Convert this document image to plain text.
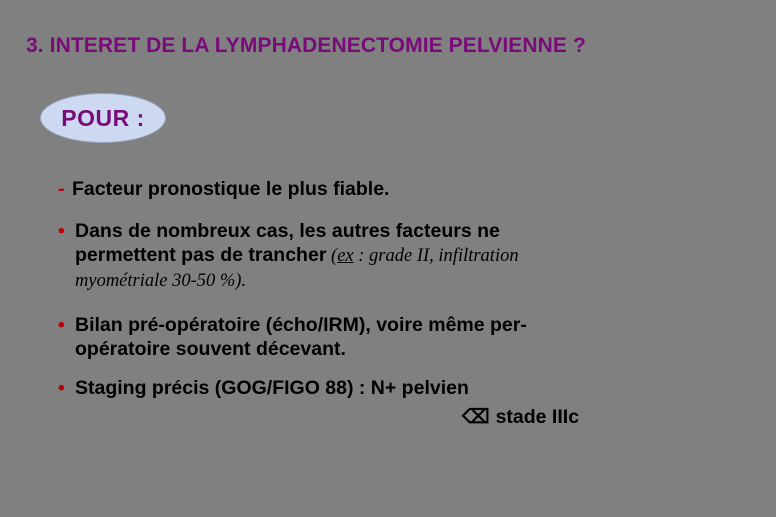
3. INTERET DE LA LYMPHADENECTOMIE PELVIENNE ?
POUR :
- Facteur pronostique le plus fiable.
• Dans de nombreux cas, les autres facteurs ne
permettent pas de trancher (ex : grade II, infiltration
myométriale 30-50 %).
• Bilan pré-opératoire (écho/IRM), voire même per-
opératoire souvent décevant.
• Staging précis (GOG/FIGO 88) : N+ pelvien
⌫ stade IIIc
